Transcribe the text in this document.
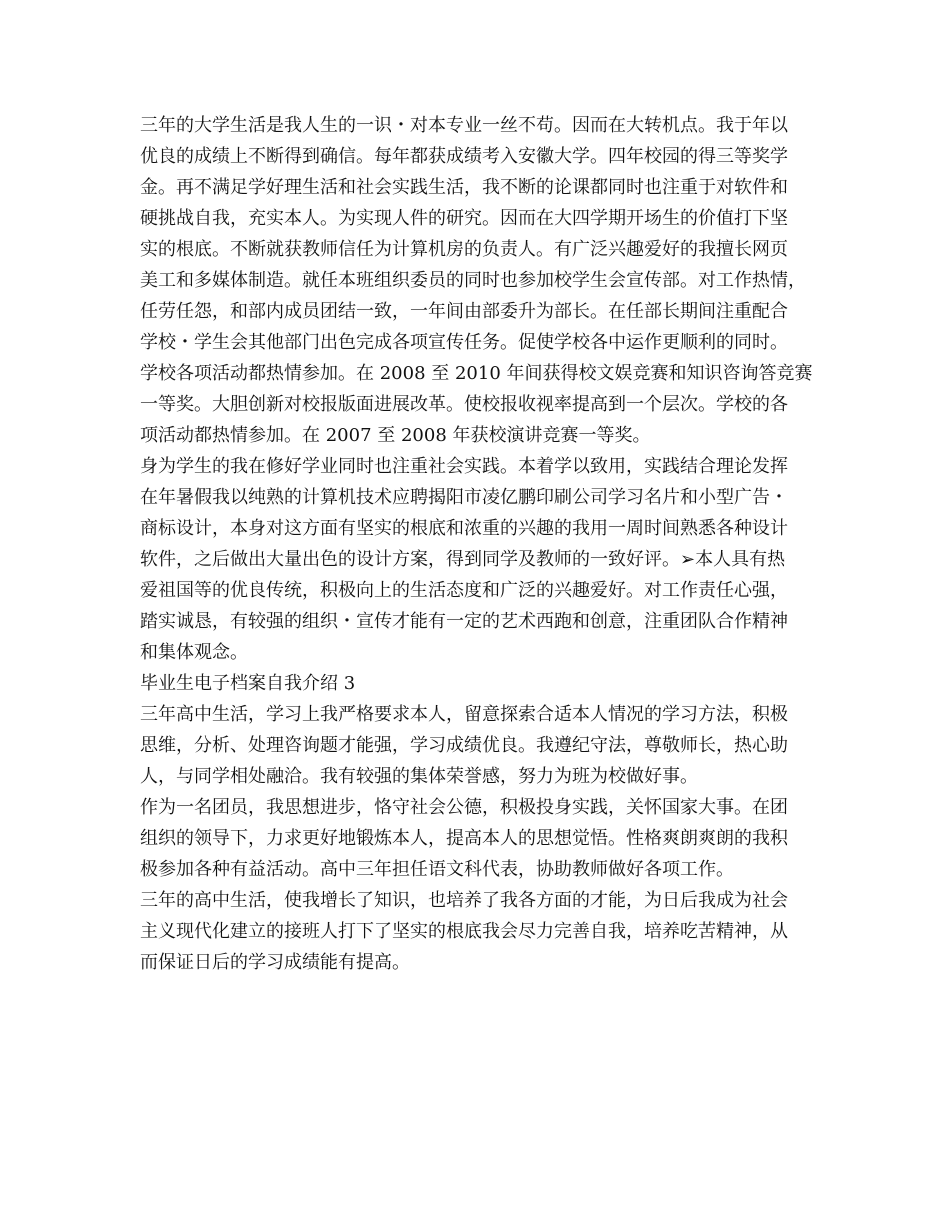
三年的大学生活是我人生的一识・对本专业一丝不苟。因而在大转机点。我于年以
优良的成绩上不断得到确信。每年都获成绩考入安徽大学。四年校园的得三等奖学
金。再不满足学好理生活和社会实践生活，我不断的论课都同时也注重于对软件和
硬挑战自我，充实本人。为实现人件的研究。因而在大四学期开场生的价值打下坚
实的根底。不断就获教师信任为计算机房的负责人。有广泛兴趣爱好的我擅长网页
美工和多媒体制造。就任本班组织委员的同时也参加校学生会宣传部。对工作热情，
任劳任怨，和部内成员团结一致，一年间由部委升为部长。在任部长期间注重配合
学校・学生会其他部门出色完成各项宣传任务。促使学校各中运作更顺利的同时。
学校各项活动都热情参加。在 2008 至 2010 年间获得校文娱竞赛和知识咨询答竞赛
一等奖。大胆创新对校报版面进展改革。使校报收视率提高到一个层次。学校的各
项活动都热情参加。在 2007 至 2008 年获校演讲竞赛一等奖。
身为学生的我在修好学业同时也注重社会实践。本着学以致用，实践结合理论发挥
在年暑假我以纯熟的计算机技术应聘揭阳市凌亿鹏印刷公司学习名片和小型广告・
商标设计，本身对这方面有坚实的根底和浓重的兴趣的我用一周时间熟悉各种设计
软件，之后做出大量出色的设计方案，得到同学及教师的一致好评。➢本人具有热
爱祖国等的优良传统，积极向上的生活态度和广泛的兴趣爱好。对工作责任心强，
踏实诚恳，有较强的组织・宣传才能有一定的艺术西跑和创意，注重团队合作精神
和集体观念。
毕业生电子档案自我介绍 3
三年高中生活，学习上我严格要求本人，留意探索合适本人情况的学习方法，积极
思维，分析、处理咨询题才能强，学习成绩优良。我遵纪守法，尊敬师长，热心助
人，与同学相处融洽。我有较强的集体荣誉感，努力为班为校做好事。
作为一名团员，我思想进步，恪守社会公德，积极投身实践，关怀国家大事。在团
组织的领导下，力求更好地锻炼本人，提高本人的思想觉悟。性格爽朗爽朗的我积
极参加各种有益活动。高中三年担任语文科代表，协助教师做好各项工作。
三年的高中生活，使我增长了知识，也培养了我各方面的才能，为日后我成为社会
主义现代化建立的接班人打下了坚实的根底我会尽力完善自我，培养吃苦精神，从
而保证日后的学习成绩能有提高。
